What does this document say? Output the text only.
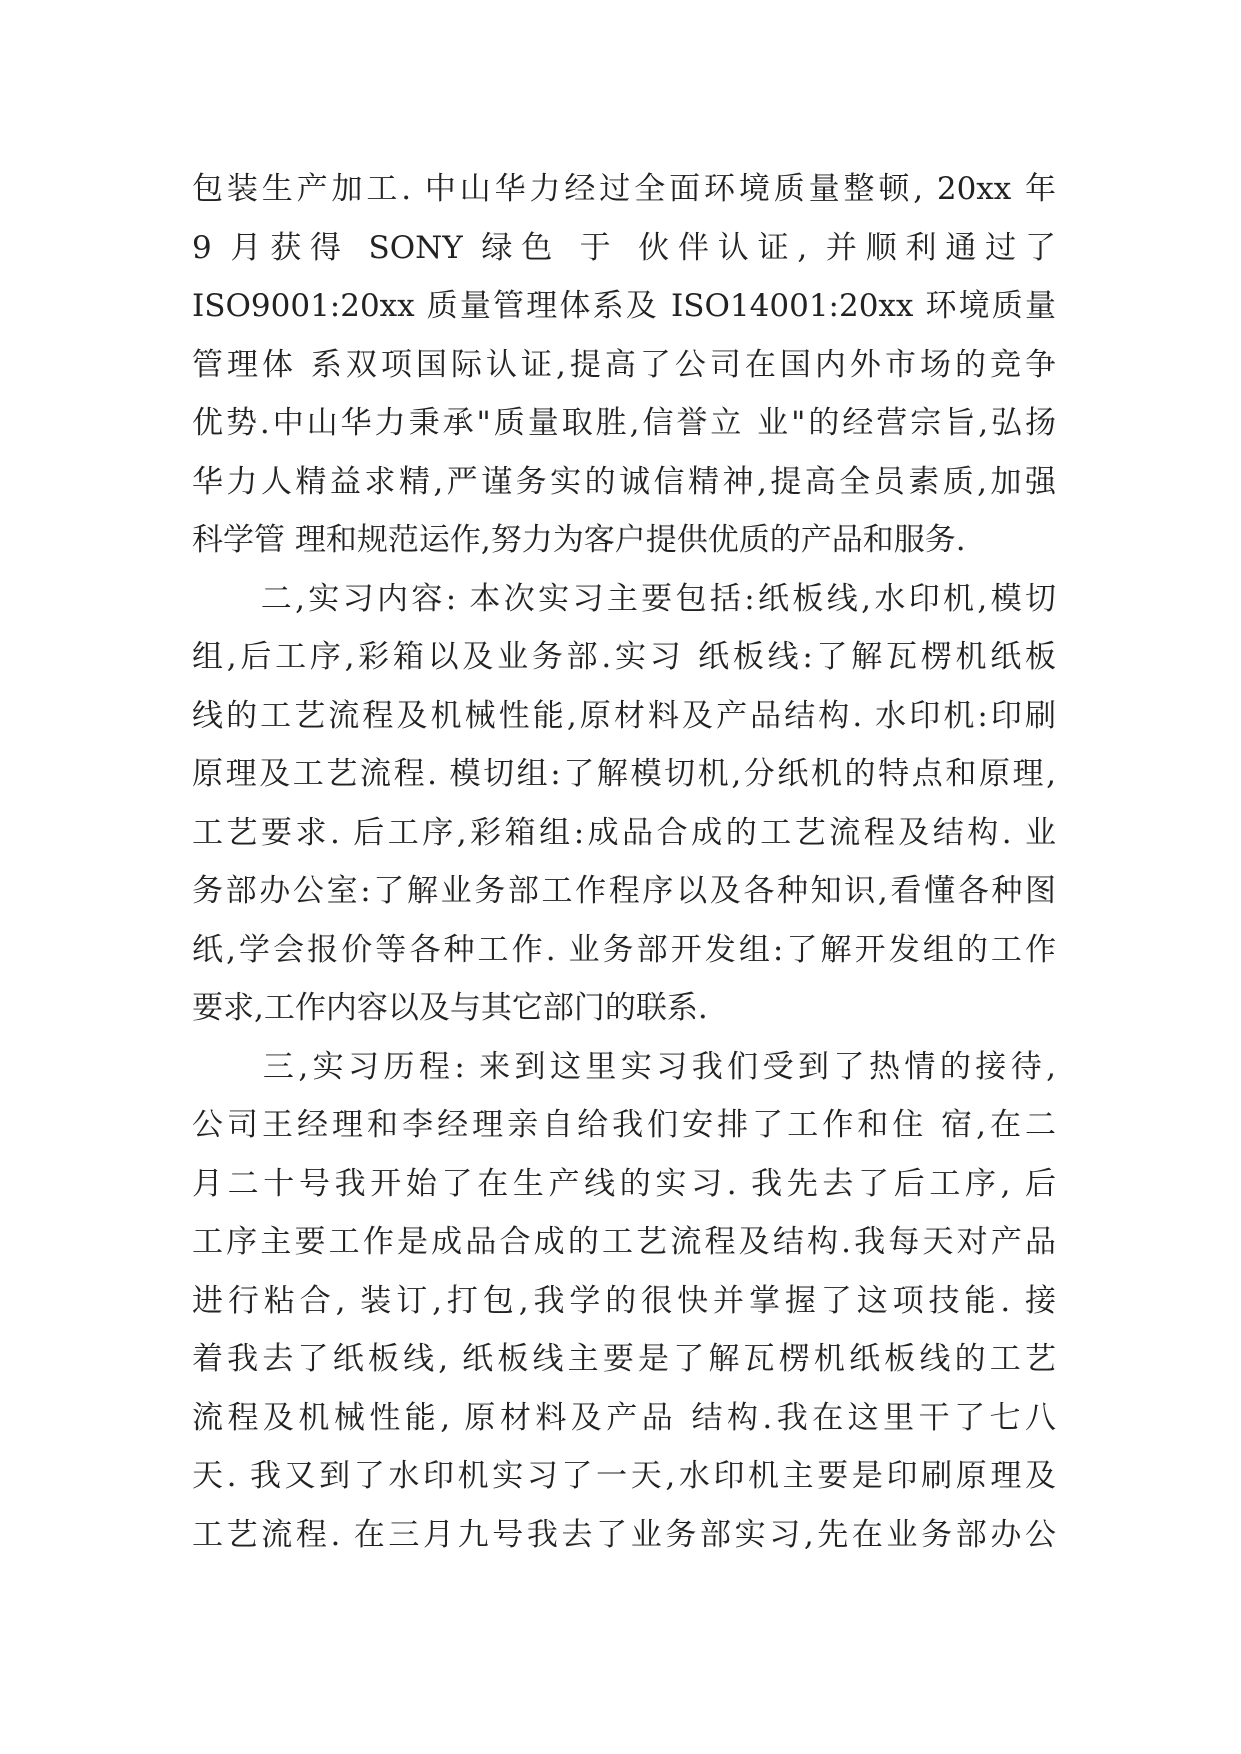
包装生产加工. 中山华力经过全面环境质量整顿, 20xx 年
9 月获得 SONY 绿色 于 伙伴认证, 并顺利通过了
ISO9001:20xx 质量管理体系及 ISO14001:20xx 环境质量
管理体 系双项国际认证,提高了公司在国内外市场的竞争
优势.中山华力秉承"质量取胜,信誉立 业"的经营宗旨,弘扬
华力人精益求精,严谨务实的诚信精神,提高全员素质,加强
科学管 理和规范运作,努力为客户提供优质的产品和服务.
　　二,实习内容: 本次实习主要包括:纸板线,水印机,模切
组,后工序,彩箱以及业务部.实习 纸板线:了解瓦楞机纸板
线的工艺流程及机械性能,原材料及产品结构. 水印机:印刷
原理及工艺流程. 模切组:了解模切机,分纸机的特点和原理,
工艺要求. 后工序,彩箱组:成品合成的工艺流程及结构. 业
务部办公室:了解业务部工作程序以及各种知识,看懂各种图
纸,学会报价等各种工作. 业务部开发组:了解开发组的工作
要求,工作内容以及与其它部门的联系.
　　三,实习历程: 来到这里实习我们受到了热情的接待,
公司王经理和李经理亲自给我们安排了工作和住 宿,在二
月二十号我开始了在生产线的实习. 我先去了后工序, 后
工序主要工作是成品合成的工艺流程及结构.我每天对产品
进行粘合, 装订,打包,我学的很快并掌握了这项技能. 接
着我去了纸板线, 纸板线主要是了解瓦楞机纸板线的工艺
流程及机械性能, 原材料及产品 结构.我在这里干了七八
天. 我又到了水印机实习了一天,水印机主要是印刷原理及
工艺流程. 在三月九号我去了业务部实习,先在业务部办公
